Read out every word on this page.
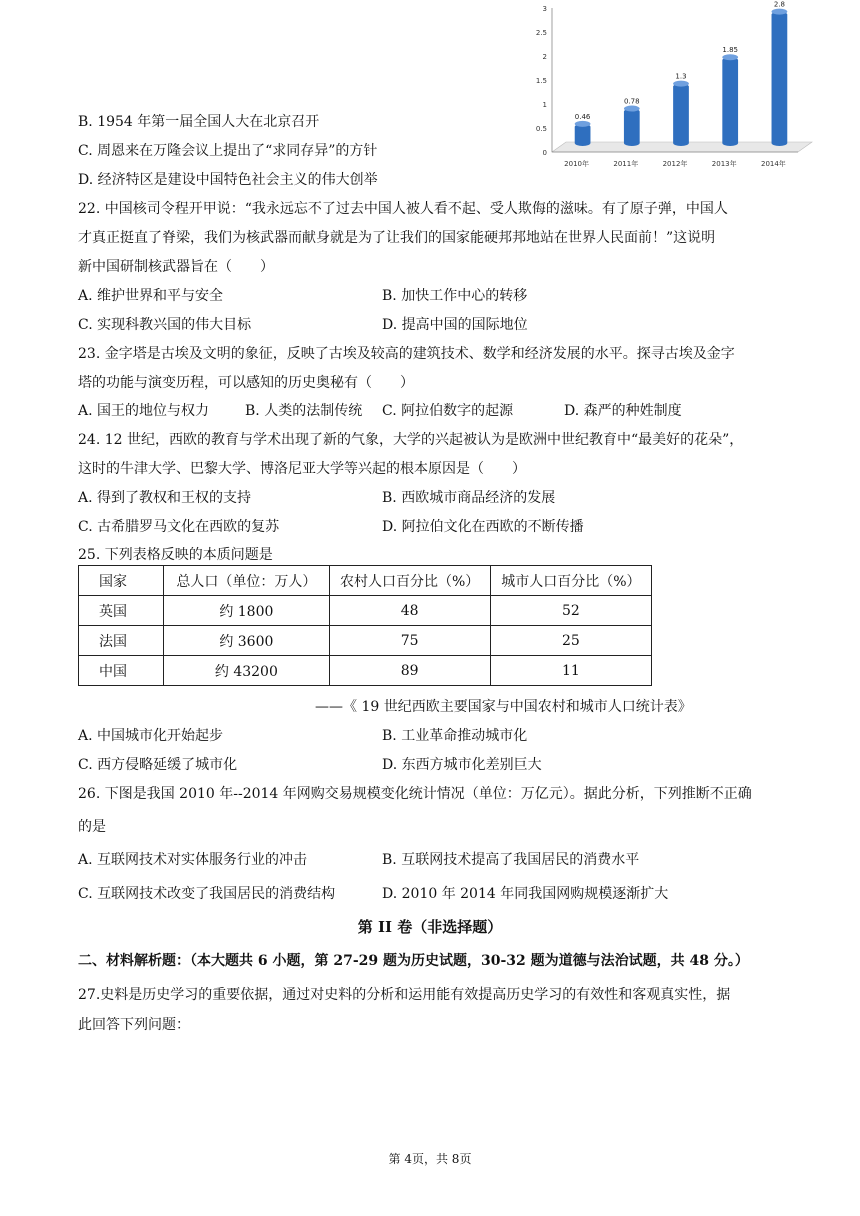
0
0.5
1
1.5
2
2.5
3
0.46
2010年
0.78
2011年
1.3
2012年
1.85
2013年
2.8
2014年
B. 1954 年第一届全国人大在北京召开
C. 周恩来在万隆会议上提出了“求同存异”的方针
D. 经济特区是建设中国特色社会主义的伟大创举
22. 中国核司令程开甲说：“我永远忘不了过去中国人被人看不起、受人欺侮的滋味。有了原子弹，中国人
才真正挺直了脊梁，我们为核武器而献身就是为了让我们的国家能硬邦邦地站在世界人民面前！”这说明
新中国研制核武器旨在（　　）
A. 维护世界和平与安全	B. 加快工作中心的转移
C. 实现科教兴国的伟大目标	D. 提高中国的国际地位
23. 金字塔是古埃及文明的象征，反映了古埃及较高的建筑技术、数学和经济发展的水平。探寻古埃及金字
塔的功能与演变历程，可以感知的历史奥秘有（　　）
A. 国王的地位与权力	B. 人类的法制传统 C. 阿拉伯数字的起源	D. 森严的种姓制度
24. 12 世纪，西欧的教育与学术出现了新的气象，大学的兴起被认为是欧洲中世纪教育中“最美好的花朵”，
这时的牛津大学、巴黎大学、博洛尼亚大学等兴起的根本原因是（　　）
A. 得到了教权和王权的支持	B. 西欧城市商品经济的发展
C. 古希腊罗马文化在西欧的复苏	D. 阿拉伯文化在西欧的不断传播
25. 下列表格反映的本质问题是
国家	总人口（单位：万人）	农村人口百分比（%）	城市人口百分比（%）
英国	约 1800	48	52
法国	约 3600	75	25
中国	约 43200	89	11
——《 19 世纪西欧主要国家与中国农村和城市人口统计表》
A. 中国城市化开始起步	B. 工业革命推动城市化
C. 西方侵略延缓了城市化	D. 东西方城市化差别巨大
26. 下图是我国 2010 年--2014 年网购交易规模变化统计情况（单位：万亿元）。据此分析，下列推断不正确
的是
A. 互联网技术对实体服务行业的冲击	B. 互联网技术提高了我国居民的消费水平
C. 互联网技术改变了我国居民的消费结构	D. 2010 年 2014 年同我国网购规模逐渐扩大
第 II 卷（非选择题）
二、材料解析题：（本大题共 6 小题，第 27-29 题为历史试题，30-32 题为道德与法治试题，共 48 分。）
27.史料是历史学习的重要依据，通过对史料的分析和运用能有效提高历史学习的有效性和客观真实性，据
此回答下列问题：
第 4页，共 8页
